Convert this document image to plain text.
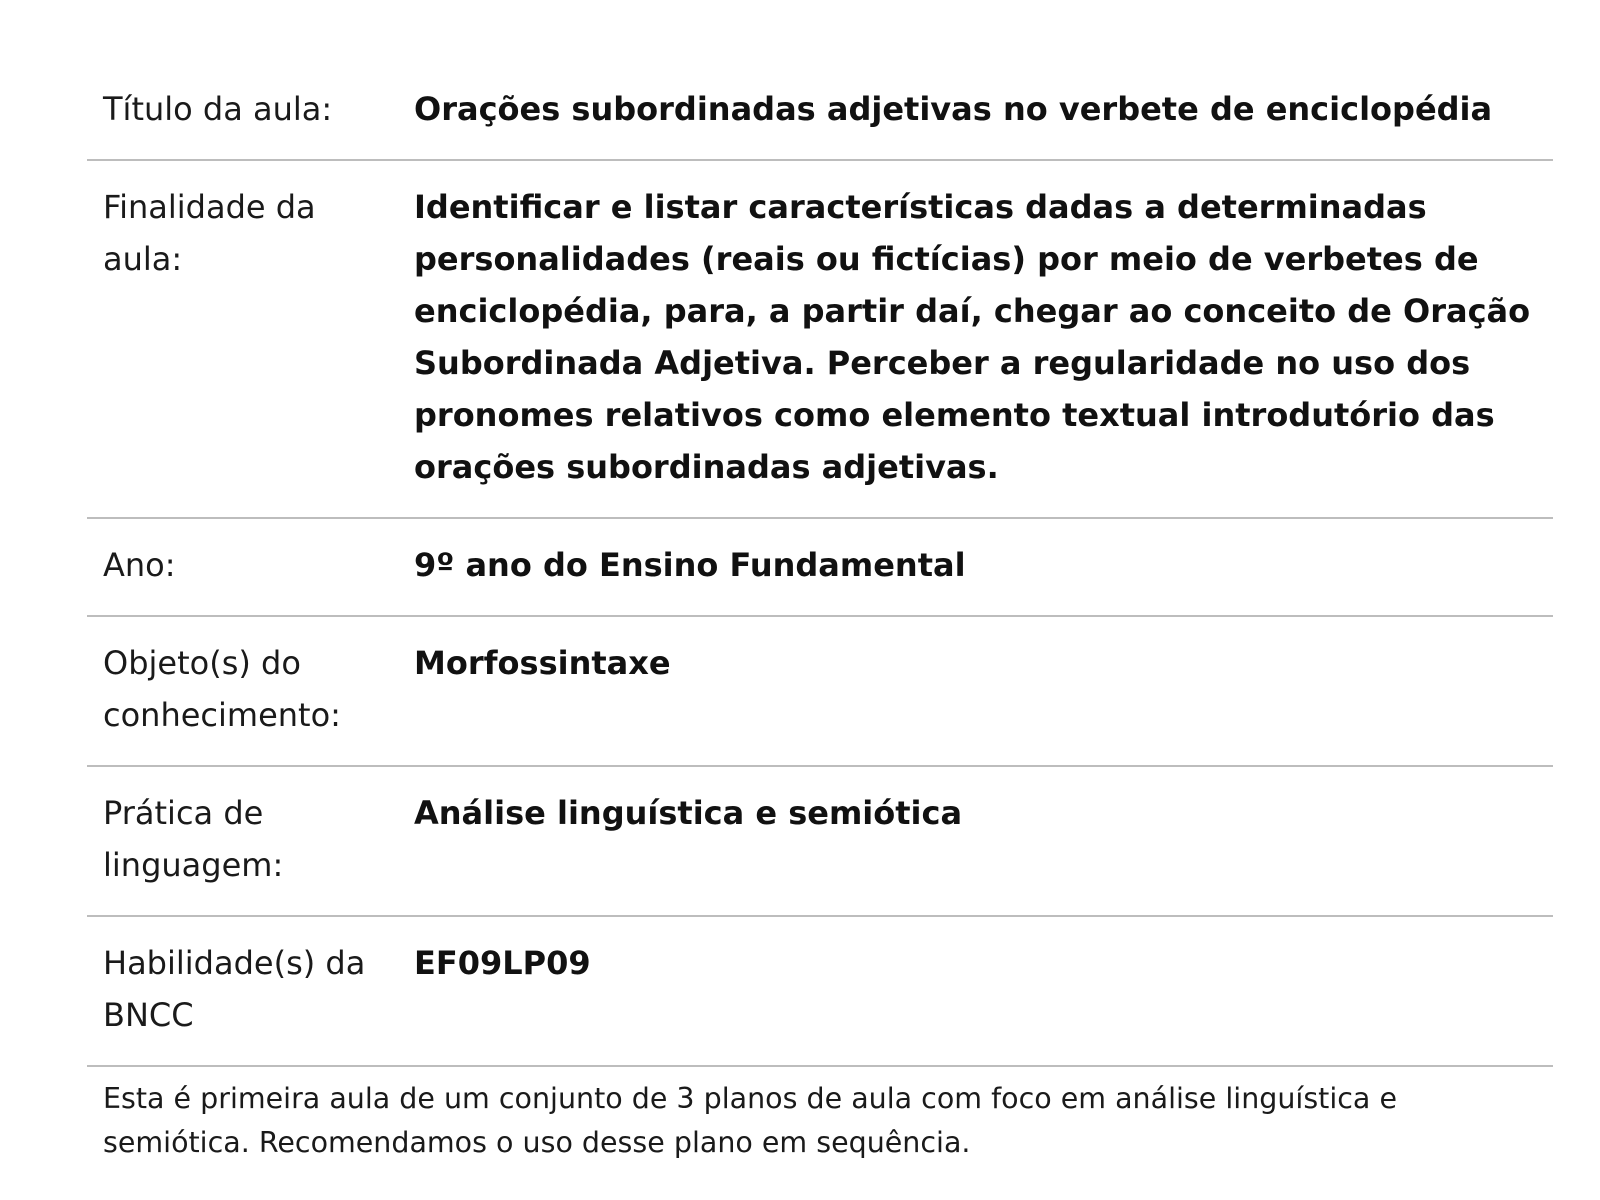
Título da aula:	Orações subordinadas adjetivas no verbete de enciclopédia
Finalidade da aula:
Identificar e listar características dadas a determinadas personalidades (reais ou fictícias) por meio de verbetes de enciclopédia, para, a partir daí, chegar ao conceito de Oração Subordinada Adjetiva. Perceber a regularidade no uso dos pronomes relativos como elemento textual introdutório das orações subordinadas adjetivas.
Ano:	9º ano do Ensino Fundamental
Objeto(s) do conhecimento:
Morfossintaxe
Prática de linguagem:
Análise linguística e semiótica
Habilidade(s) da BNCC
EF09LP09
Esta é primeira aula de um conjunto de 3 planos de aula com foco em análise linguística e semiótica. Recomendamos o uso desse plano em sequência.
